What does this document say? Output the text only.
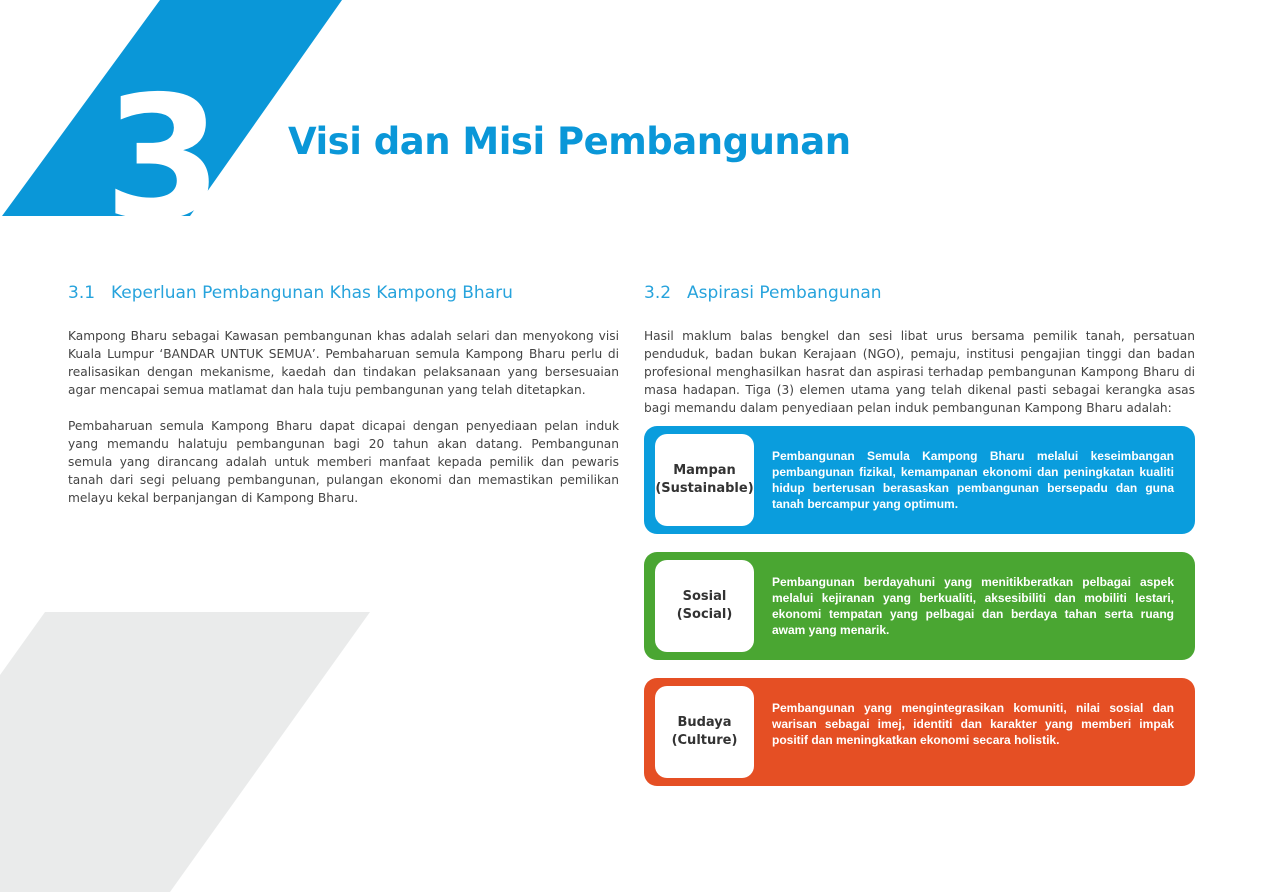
3 Visi dan Misi Pembangunan
3.1 Keperluan Pembangunan Khas Kampong Bharu

Kampong Bharu sebagai Kawasan pembangunan khas adalah selari dan menyokong visi Kuala Lumpur ‘BANDAR UNTUK SEMUA’. Pembaharuan semula Kampong Bharu perlu di realisasikan dengan mekanisme, kaedah dan tindakan pelaksanaan yang bersesuaian agar mencapai semua matlamat dan hala tuju pembangunan yang telah ditetapkan.

Pembaharuan semula Kampong Bharu dapat dicapai dengan penyediaan pelan induk yang memandu halatuju pembangunan bagi 20 tahun akan datang. Pembangunan semula yang dirancang adalah untuk memberi manfaat kepada pemilik dan pewaris tanah dari segi peluang pembangunan, pulangan ekonomi dan memastikan pemilikan melayu kekal berpanjangan di Kampong Bharu.

3.2 Aspirasi Pembangunan

Hasil maklum balas bengkel dan sesi libat urus bersama pemilik tanah, persatuan penduduk, badan bukan Kerajaan (NGO), pemaju, institusi pengajian tinggi dan badan profesional menghasilkan hasrat dan aspirasi terhadap pembangunan Kampong Bharu di masa hadapan. Tiga (3) elemen utama yang telah dikenal pasti sebagai kerangka asas bagi memandu dalam penyediaan pelan induk pembangunan Kampong Bharu adalah:

Mampan
(Sustainable)

Pembangunan Semula Kampong Bharu melalui keseimbangan pembangunan fizikal, kemampanan ekonomi dan peningkatan kualiti hidup berterusan berasaskan pembangunan bersepadu dan guna tanah bercampur yang optimum.

Sosial
(Social)

Pembangunan berdayahuni yang menitikberatkan pelbagai aspek melalui kejiranan yang berkualiti, aksesibiliti dan mobiliti lestari, ekonomi tempatan yang pelbagai dan berdaya tahan serta ruang awam yang menarik.

Budaya
(Culture)

Pembangunan yang mengintegrasikan komuniti, nilai sosial dan warisan sebagai imej, identiti dan karakter yang memberi impak positif dan meningkatkan ekonomi secara holistik.
